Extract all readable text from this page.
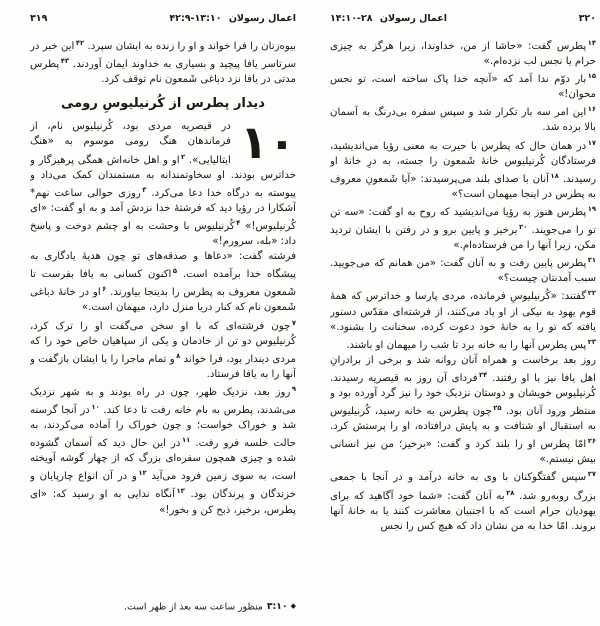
۳۱۹	اعمال رسولان ۴۲:۹-۱۳:۱۰

بیوه‌زنان را فرا خواند و او را زنده به ایشان سپرد. $^{۴۲}$این خبر در سرتاسر یافا پیچید و بسیاری به خداوند ایمان آوردند. $^{۴۳}$پطرس مدتی در یافا نزد دباغی شَمعون نام توقف کرد.

دیدار پطرس از کُرنیلیوسِ رومی
۱۰

در قیصریه مردی بود، کُرنیلیوس نام، از فرماندهان هنگ رومی موسوم به «هنگ ایتالیایی». $^۲$او و اهل خانه‌اش همگی پرهیزگار و خداترس بودند. او سخاوتمندانه به مستمندان کمک می‌داد و پیوسته به درگاه خدا دعا می‌کرد. $^۳$روزی حوالی ساعت نهم* آشکارا در رؤیا دید که فرشتهٔ خدا نزدش آمد و به او گفت: «ای کُرنیلیوس!» $^۴$کُرنیلیوس با وحشت به او چشم دوخت و پاسخ داد: «بله، سرورم!»

فرشته گفت: «دعاها و صدقه‌های تو چون هدیهٔ یادگاری به پیشگاه خدا برآمده است. $^۵$اکنون کسانی به یافا بفرست تا شَمعون معروف به پطرس را بدینجا بیاورند. $^۶$او در خانهٔ دباغی شَمعون نام که کنار دریا منزل دارد، میهمان است.»

$^۷$چون فرشته‌ای که با او سخن می‌گفت او را ترک کرد، کُرنیلیوس دو تن از خادمان و یکی از سپاهیان خاص خود را که مردی دیندار بود، فرا خواند $^۸$و تمام ماجرا را با ایشان بازگفت و آنها را به یافا فرستاد.

$^۹$روز بعد، نزدیک ظهر، چون در راه بودند و به شهر نزدیک می‌شدند، پطرس به بام خانه رفت تا دعا کند. $^{۱۰}$در آنجا گرسنه شد و خوراک خواست؛ و چون خوراک را آماده می‌کردند، به حالت خلسه فرو رفت. $^{۱۱}$در این حال دید که آسمان گشوده شده و چیزی همچون سفره‌ای بزرگ که از چهار گوشه آویخته است، به سوی زمین فرود می‌آید $^{۱۲}$و در آن انواع چارپایان و خزندگان و پرندگان بود. $^{۱۳}$آنگاه ندایی به او رسید که: «ای پطرس، برخیز، ذبح کن و بخور!»

◆۳:۱۰منظور ساعت سه بعد از ظهر است.
اعمال رسولان ۱۴:۱۰-۲۸	۳۲۰

$^{۱۴}$پطرس گفت: «حاشا از من، خداوندا، زیرا هرگز به چیزی حرام یا نجس لب نزده‌ام.»

$^{۱۵}$بار دوّم ندا آمد که «آنچه خدا پاک ساخته است، تو نجس مخوان!»

$^{۱۶}$این امر سه بار تکرار شد و سپس سفره بی‌درنگ به آسمان بالا برده شد.

$^{۱۷}$در همان حال که پطرس با حیرت به معنی رؤیا می‌اندیشید، فرستادگان کُرنیلیوس خانهٔ شَمعون را جسته، به درِ خانهٔ او رسیدند. $^{۱۸}$آنان با صدای بلند می‌پرسیدند: «آیا شَمعونِ معروف به پطرس در اینجا میهمان است؟»

$^{۱۹}$پطرس هنوز به رؤیا می‌اندیشید که روح به او گفت: «سه تن تو را می‌جویند. $^{۲۰}$برخیز و پایین برو و در رفتن با ایشان تردید مکن، زیرا آنها را من فرستاده‌ام.»

$^{۲۱}$پطرس پایین رفت و به آنان گفت: «من همانم که می‌جویید. سبب آمدنتان چیست؟»

$^{۲۲}$گفتند: «کُرنیلیوسِ فرمانده، مردی پارسا و خداترس که همهٔ قوم یهود به نیکی از او یاد می‌کنند، از فرشته‌ای مقدّس دستور یافته که تو را به خانهٔ خود دعوت کرده، سخنانت را بشنود.» $^{۲۳}$پس پطرس آنها را به خانه برد تا شب را میهمان او باشند.

روز بعد برخاست و همراه آنان روانه شد و برخی از برادرانِ اهل یافا نیز با او رفتند. $^{۲۴}$فردای آن روز به قیصریه رسیدند. کُرنیلیوس خویشان و دوستان نزدیک خود را نیز گرد آورده بود و منتظر ورود آنان بود. $^{۲۵}$چون پطرس به خانه رسید، کُرنیلیوس به استقبال او شتافت و به پایش درافتاده، او را پرستش کرد. $^{۲۶}$امّا پطرس او را بلند کرد و گفت: «برخیز؛ من نیز انسانی بیش نیستم.»

$^{۲۷}$سپس گفتگوکنان با وی به خانه درآمد و در آنجا با جمعی بزرگ روبه‌رو شد. $^{۲۸}$به آنان گفت: «شما خود آگاهید که برای یهودیان حرام است که با اجنبیان معاشرت کنند یا به خانهٔ آنها بروند. امّا خدا به من نشان داد که هیچ کس را نجس
